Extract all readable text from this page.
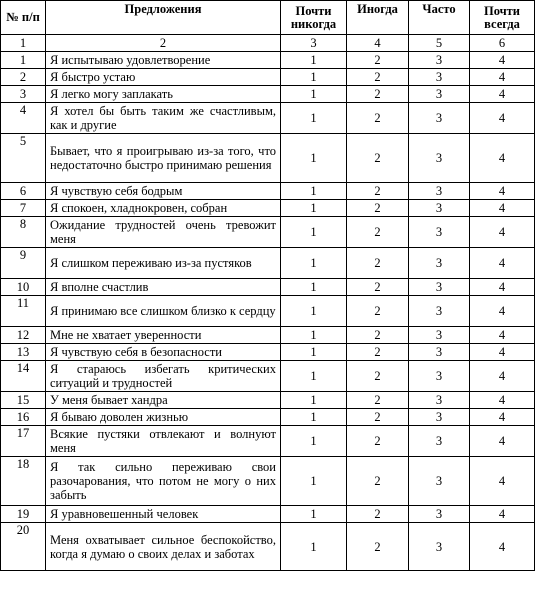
№ п/п	Предложения	Почти никогда	Иногда	Часто	Почти всегда
1	2	3	4	5	6
1	Я испытываю удовлетворение	1	2	3	4
2	Я быстро устаю	1	2	3	4
3	Я легко могу заплакать	1	2	3	4
4	Я хотел бы быть таким же счастливым, как и другие	1	2	3	4
5	Бывает, что я проигрываю из-за того, что недостаточно быстро принимаю решения	1	2	3	4
6	Я чувствую себя бодрым	1	2	3	4
7	Я спокоен, хладнокровен, собран	1	2	3	4
8	Ожидание трудностей очень тревожит меня	1	2	3	4
9	Я слишком переживаю из-за пустяков	1	2	3	4
10	Я вполне счастлив	1	2	3	4
11	Я принимаю все слишком близко к сердцу	1	2	3	4
12	Мне не хватает уверенности	1	2	3	4
13	Я чувствую себя в безопасности	1	2	3	4
14	Я стараюсь избегать критических ситуаций и трудностей	1	2	3	4
15	У меня бывает хандра	1	2	3	4
16	Я бываю доволен жизнью	1	2	3	4
17	Всякие пустяки отвлекают и волнуют меня	1	2	3	4
18	Я так сильно переживаю свои разочарования, что потом не могу о них забыть	1	2	3	4
19	Я уравновешенный человек	1	2	3	4
20	Меня охватывает сильное беспокойство, когда я думаю о своих делах и заботах	1	2	3	4
